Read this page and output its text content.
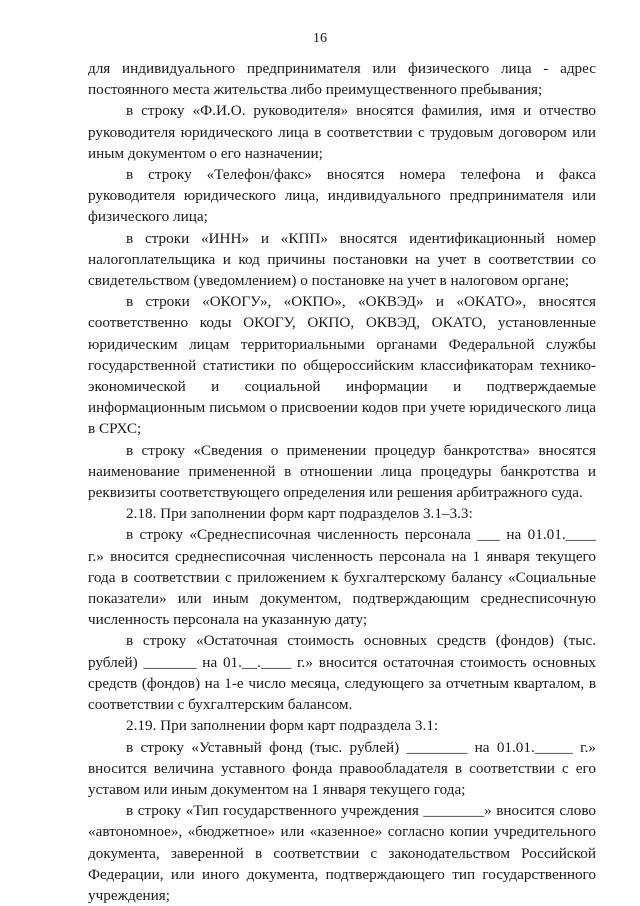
16

для индивидуального предпринимателя или физического лица - адрес постоянного места жительства либо преимущественного пребывания;

в строку «Ф.И.О. руководителя» вносятся фамилия, имя и отчество руководителя юридического лица в соответствии с трудовым договором или иным документом о его назначении;

в строку «Телефон/факс» вносятся номера телефона и факса руководителя юридического лица, индивидуального предпринимателя или физического лица;

в строки «ИНН» и «КПП» вносятся идентификационный номер налогоплательщика и код причины постановки на учет в соответствии со свидетельством (уведомлением) о постановке на учет в налоговом органе;

в строки «ОКОГУ», «ОКПО», «ОКВЭД» и «ОКАТО», вносятся соответственно коды ОКОГУ, ОКПО, ОКВЭД, ОКАТО, установленные юридическим лицам территориальными органами Федеральной службы государственной статистики по общероссийским классификаторам технико-экономической и социальной информации и подтверждаемые информационным письмом о присвоении кодов при учете юридического лица в СРХС;

в строку «Сведения о применении процедур банкротства» вносятся наименование примененной в отношении лица процедуры банкротства и реквизиты соответствующего определения или решения арбитражного суда.

2.18. При заполнении форм карт подразделов 3.1–3.3:

в строку «Среднесписочная численность персонала ___ на 01.01.____ г.» вносится среднесписочная численность персонала на 1 января текущего года в соответствии с приложением к бухгалтерскому балансу «Социальные показатели» или иным документом, подтверждающим среднесписочную численность персонала на указанную дату;

в строку «Остаточная стоимость основных средств (фондов) (тыс. рублей) _______ на 01.__.____ г.» вносится остаточная стоимость основных средств (фондов) на 1-е число месяца, следующего за отчетным кварталом, в соответствии с бухгалтерским балансом.

2.19. При заполнении форм карт подраздела 3.1:

в строку «Уставный фонд (тыс. рублей) ________ на 01.01._____ г.» вносится величина уставного фонда правообладателя в соответствии с его уставом или иным документом на 1 января текущего года;

в строку «Тип государственного учреждения ________» вносится слово «автономное», «бюджетное» или «казенное» согласно копии учредительного документа, заверенной в соответствии с законодательством Российской Федерации, или иного документа, подтверждающего тип государственного учреждения;
